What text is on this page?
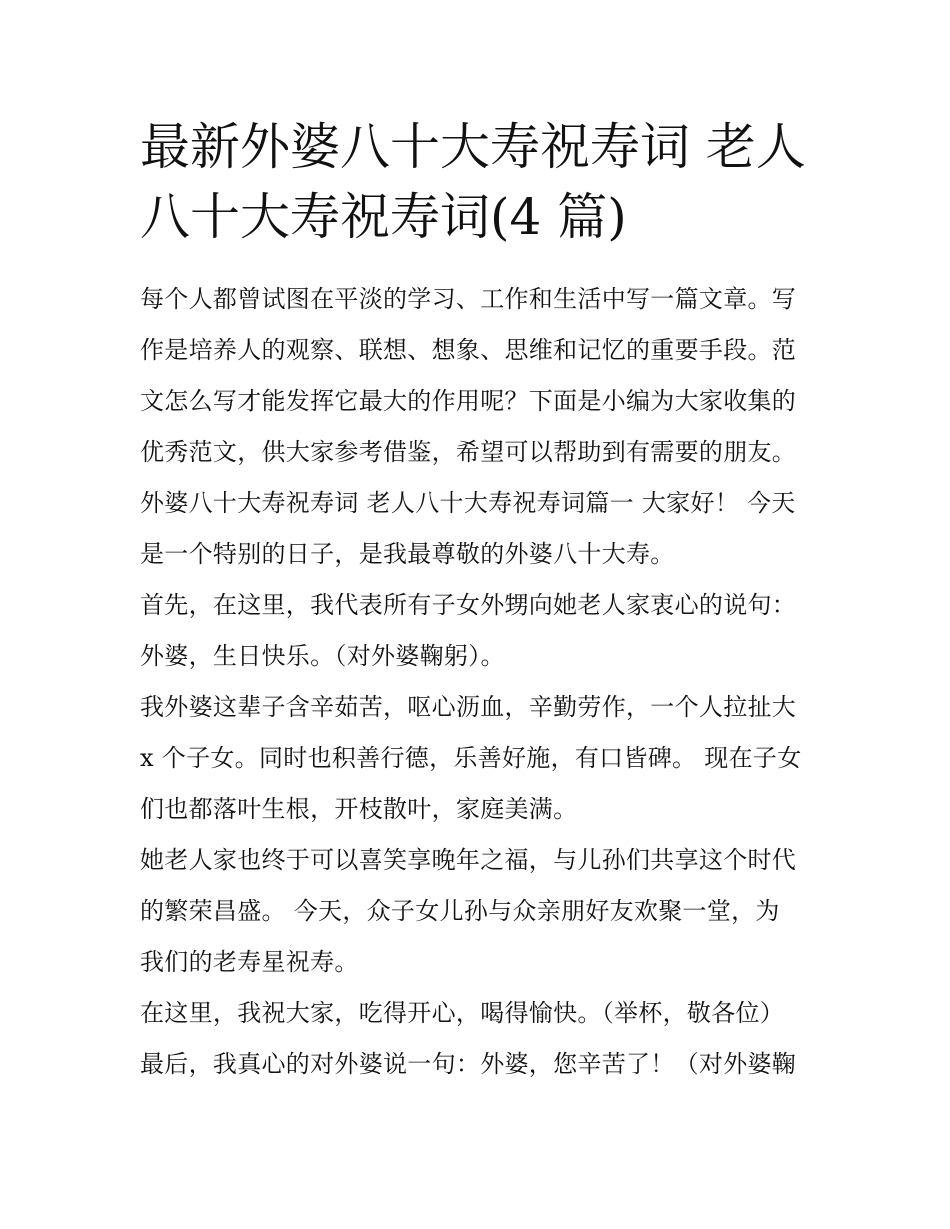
最新外婆八十大寿祝寿词 老人
八十大寿祝寿词(4 篇)
每个人都曾试图在平淡的学习、工作和生活中写一篇文章。写
作是培养人的观察、联想、想象、思维和记忆的重要手段。范
文怎么写才能发挥它最大的作用呢？下面是小编为大家收集的
优秀范文，供大家参考借鉴，希望可以帮助到有需要的朋友。
外婆八十大寿祝寿词 老人八十大寿祝寿词篇一 大家好！ 今天
是一个特别的日子，是我最尊敬的外婆八十大寿。
首先，在这里，我代表所有子女外甥向她老人家衷心的说句：
外婆，生日快乐。（对外婆鞠躬）。
我外婆这辈子含辛茹苦，呕心沥血，辛勤劳作，一个人拉扯大
x 个子女。同时也积善行德，乐善好施，有口皆碑。 现在子女
们也都落叶生根，开枝散叶，家庭美满。
她老人家也终于可以喜笑享晚年之福，与儿孙们共享这个时代
的繁荣昌盛。 今天，众子女儿孙与众亲朋好友欢聚一堂，为
我们的老寿星祝寿。
在这里，我祝大家，吃得开心，喝得愉快。（举杯，敬各位）
最后，我真心的对外婆说一句：外婆，您辛苦了！（对外婆鞠
